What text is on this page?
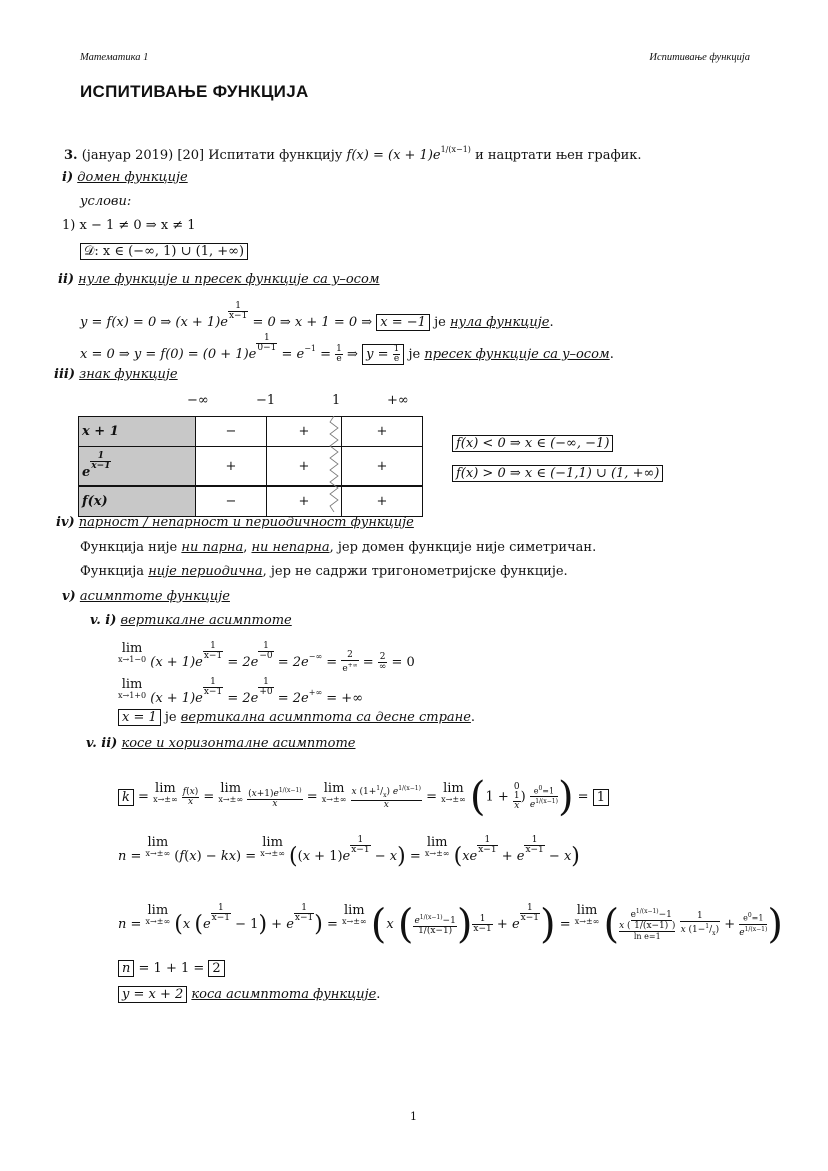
Математика 1	Испитивање функција
ИСПИТИВАЊЕ ФУНКЦИЈА
3. (јануар 2019) [20] Испитати функцију $f(x) = (x + 1)e^{1/(x-1)}$ и нацртати њен график.
i) домен функције
услови:
1) x − 1 ≠ 0 ⇒ x ≠ 1
𝒟: x ∈ (−∞, 1) ∪ (1, +∞)
ii) нуле функције и пресек функције са y–осом
y = f(x) = 0 ⇒ (x + 1)e
$\frac{1}{x-1}$
= 0 ⇒ x + 1 = 0 ⇒ x = −1 је нула функције.
x = 0 ⇒ y = f(0) = (0 + 1)e
$\frac{1}{0-1}$
= $e^{-1} = \frac{1}{e}$ ⇒ $y = \frac{1}{e}$ је пресек функције са y–осом.
iii) знак функције
−∞	−1	1	+∞
x + 1	−	+	+
e
$\frac{1}{x-1}$	+	+	+
f(x)	−	+	+
f(x) < 0 ⇒ x ∈ (−∞, −1)
f(x) > 0 ⇒ x ∈ (−1,1) ∪ (1, +∞)
iv) парност / непарност и периодичност функције
Функција није ни парна, ни непарна, јер домен функције није симетричан.
Функција није периодична, јер не садржи тригонометријске функције.
v) асимптоте функције
v. i) вертикалне асимптоте
lim
x→1−0 (x + 1)e
$\frac{1}{x-1}$
= 2e
$\frac{1}{-0}$
= $2e^{-\infty} = \frac{2}{e^{+\infty}} = \frac{2}{\infty} = 0$
lim
x→1+0 (x + 1)e
$\frac{1}{x-1}$
= 2e
$\frac{1}{+0}$
= 2e+∞ = +∞
x = 1 је вертикална асимптота са десне стране.
v. ii) косе и хоризонталне асимптоте
k = lim
x→±∞
$\frac{f(x)}{x} = \lim$
x→±∞
$\frac{(x+1)e^{1/(x-1)}}{x} = \lim$
x→±∞
$\frac{x (1+^1/_x) e^{1/(x-1)}}{x} = \lim$
x→±∞ (1 +
0
1
x
) $\frac{e^0=1}{e^{1/(x-1)}}$ ) = 1
n = lim
x→±∞ (f(x) − kx) = lim
x→±∞ ((x + 1)e
$\frac{1}{x-1}$
− x) = lim
x→±∞ (xe
$\frac{1}{x-1}$
+ e
$\frac{1}{x-1}$
− x)
n = lim
x→±∞ (x (e
$\frac{1}{x-1}$
− 1) + e
$\frac{1}{x-1}$ ) = lim
x→±∞ (x ( $\frac{e^{1/(x-1)}-1}{1/(x-1)}$ ) $\frac{1}{x-1} + e$
$\frac{1}{x-1}$ ) = lim
x→±∞ ( $\frac{x ( \frac{e^{1/(x-1)}-1}{1/(x-1)} )}{\text{ln e=1}}$
$\frac{1}{x (1-^1/_x)} + \frac{e^0=1}{e^{1/(x-1)}}$ )
n = 1 + 1 = 2
y = x + 2 коса асимптота функције.
1
